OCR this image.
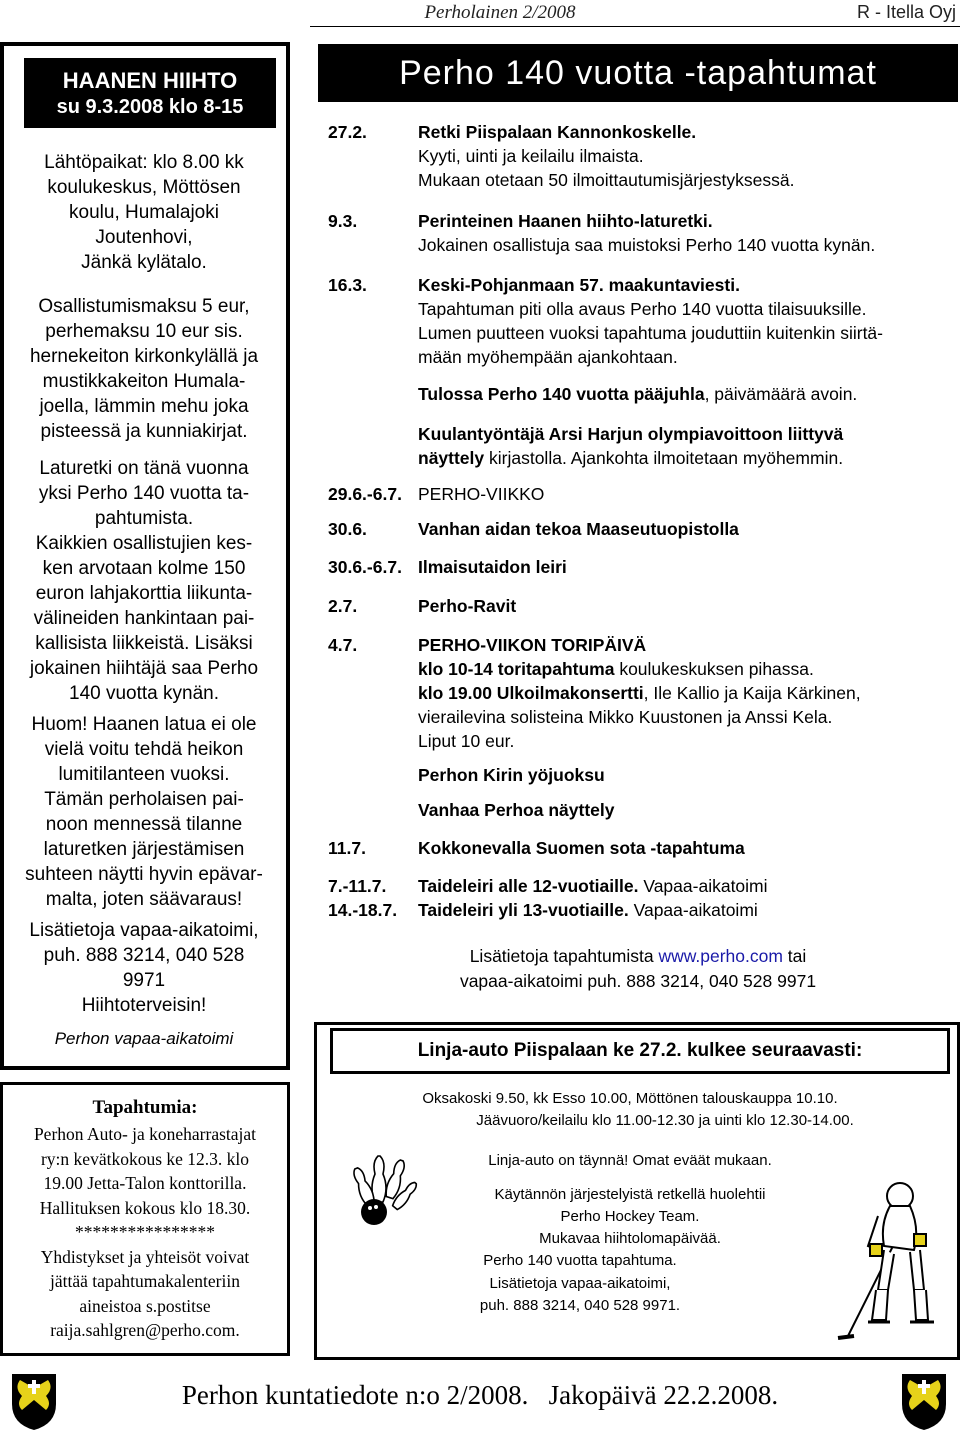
Perholainen 2/2008	R - Itella Oyj
HAANEN HIIHTO
su 9.3.2008 klo 8-15
Lähtöpaikat: klo 8.00 kk
koulukeskus, Möttösen
koulu, Humalajoki
Joutenhovi,
Jänkä kylätalo.
Osallistumismaksu 5 eur,
perhemaksu 10 eur sis.
hernekeiton kirkonkylällä ja
mustikkakeiton Humala-
joella, lämmin mehu joka
pisteessä ja kunniakirjat.
Laturetki on tänä vuonna
yksi Perho 140 vuotta ta-
pahtumista.
Kaikkien osallistujien kes-
ken arvotaan kolme 150
euron lahjakorttia liikunta-
välineiden hankintaan pai-
kallisista liikkeistä. Lisäksi
jokainen hiihtäjä saa Perho
140 vuotta kynän.
Huom! Haanen latua ei ole
vielä voitu tehdä heikon
lumitilanteen vuoksi.
Tämän perholaisen pai-
noon mennessä tilanne
laturetken järjestämisen
suhteen näytti hyvin epävar-
malta, joten säävaraus!
Lisätietoja vapaa-aikatoimi,
puh. 888 3214, 040 528
9971
Hiihtoterveisin!
Perhon vapaa-aikatoimi
Perho 140 vuotta -tapahtumat
27.2.	Retki Piispalaan Kannonkoskelle.
Kyyti, uinti ja keilailu ilmaista.
Mukaan otetaan 50 ilmoittautumisjärjestyksessä.
9.3.	Perinteinen Haanen hiihto-laturetki.
Jokainen osallistuja saa muistoksi Perho 140 vuotta kynän.
16.3.	Keski-Pohjanmaan 57. maakuntaviesti.
Tapahtuman piti olla avaus Perho 140 vuotta tilaisuuksille.
Lumen puutteen vuoksi tapahtuma jouduttiin kuitenkin siirtä-
mään myöhempään ajankohtaan.
Tulossa Perho 140 vuotta pääjuhla, päivämäärä avoin.
Kuulantyöntäjä Arsi Harjun olympiavoittoon liittyvä
näyttely kirjastolla. Ajankohta ilmoitetaan myöhemmin.
29.6.-6.7. PERHO-VIIKKO
30.6.	Vanhan aidan tekoa Maaseutuopistolla
30.6.-6.7. Ilmaisutaidon leiri
2.7.	Perho-Ravit
4.7.	PERHO-VIIKON TORIPÄIVÄ
klo 10-14 toritapahtuma koulukeskuksen pihassa.
klo 19.00 Ulkoilmakonsertti, Ile Kallio ja Kaija Kärkinen,
vierailevina solisteina Mikko Kuustonen ja Anssi Kela.
Liput 10 eur.
Perhon Kirin yöjuoksu
Vanhaa Perhoa näyttely
11.7.	Kokkonevalla Suomen sota -tapahtuma
7.-11.7. Taideleiri alle 12-vuotiaille. Vapaa-aikatoimi
14.-18.7. Taideleiri yli 13-vuotiaille. Vapaa-aikatoimi
Lisätietoja tapahtumista www.perho.com tai
vapaa-aikatoimi puh. 888 3214, 040 528 9971
Tapahtumia:
Perhon Auto- ja koneharrastajat
ry:n kevätkokous ke 12.3. klo
19.00 Jetta-Talon konttorilla.
Hallituksen kokous klo 18.30.
****************
Yhdistykset ja yhteisöt voivat
jättää tapahtumakalenteriin
aineistoa s.postitse
raija.sahlgren@perho.com.
Linja-auto Piispalaan ke 27.2. kulkee seuraavasti:
Oksakoski 9.50, kk Esso 10.00, Möttönen talouskauppa 10.10.
Jäävuoro/keilailu klo 11.00-12.30 ja uinti klo 12.30-14.00.
Linja-auto on täynnä! Omat eväät mukaan.
Käytännön järjestelyistä retkellä huolehtii
Perho Hockey Team.
Mukavaa hiihtolomapäivää.
Perho 140 vuotta tapahtuma.
Lisätietoja vapaa-aikatoimi,
puh. 888 3214, 040 528 9971.
Perhon kuntatiedote n:o 2/2008.   Jakopäivä 22.2.2008.
